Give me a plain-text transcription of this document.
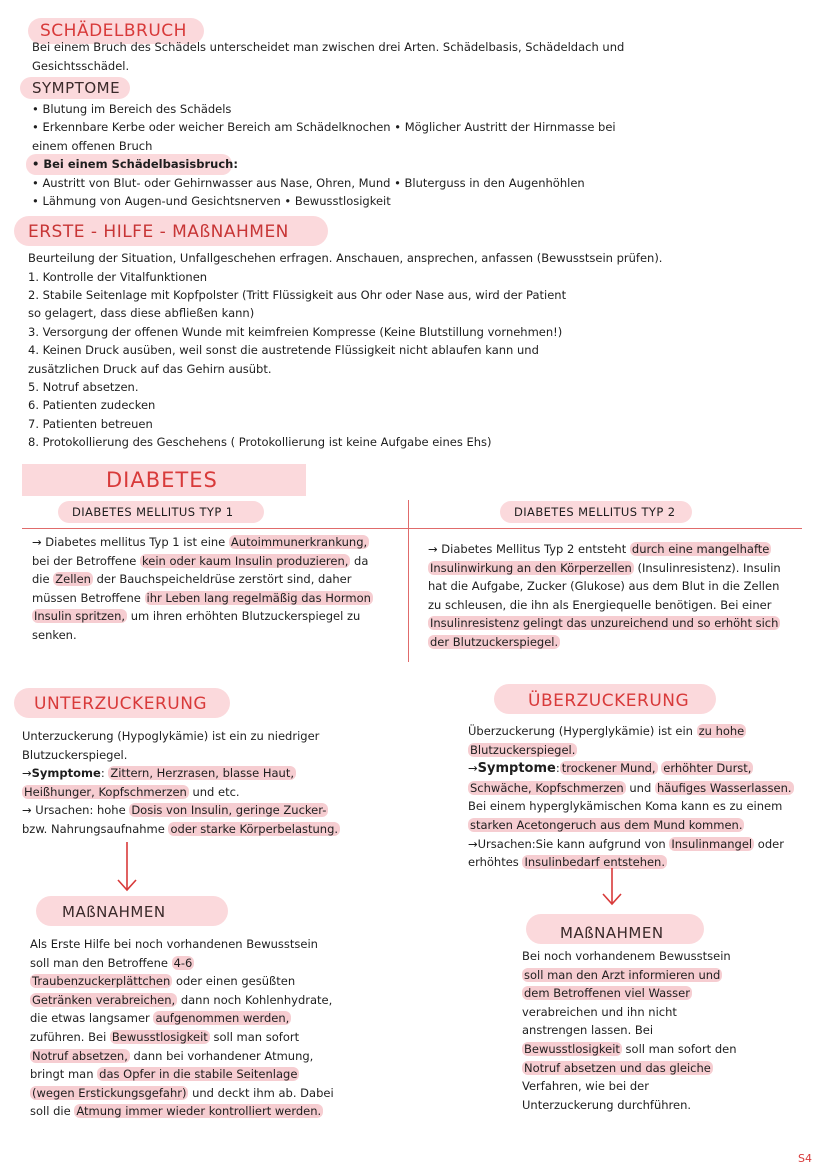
SCHÄDELBRUCH
Bei einem Bruch des Schädels unterscheidet man zwischen drei Arten. Schädelbasis, Schädeldach und
Gesichtsschädel.
SYMPTOME
• Blutung im Bereich des Schädels
• Erkennbare Kerbe oder weicher Bereich am Schädelknochen • Möglicher Austritt der Hirnmasse bei
einem offenen Bruch
• Bei einem Schädelbasisbruch:
• Austritt von Blut- oder Gehirnwasser aus Nase, Ohren, Mund • Bluterguss in den Augenhöhlen
• Lähmung von Augen-und Gesichtsnerven • Bewusstlosigkeit
ERSTE - HILFE - MAßNAHMEN
Beurteilung der Situation, Unfallgeschehen erfragen. Anschauen, ansprechen, anfassen (Bewusstsein prüfen).
1. Kontrolle der Vitalfunktionen
2. Stabile Seitenlage mit Kopfpolster (Tritt Flüssigkeit aus Ohr oder Nase aus, wird der Patient
so gelagert, dass diese abfließen kann)
3. Versorgung der offenen Wunde mit keimfreien Kompresse (Keine Blutstillung vornehmen!)
4. Keinen Druck ausüben, weil sonst die austretende Flüssigkeit nicht ablaufen kann und
zusätzlichen Druck auf das Gehirn ausübt.
5. Notruf absetzen.
6. Patienten zudecken
7. Patienten betreuen
8. Protokollierung des Geschehens ( Protokollierung ist keine Aufgabe eines Ehs)
DIABETES
DIABETES MELLITUS TYP 1	DIABETES MELLITUS TYP 2
→ Diabetes mellitus Typ 1 ist eine Autoimmunerkrankung,
bei der Betroffene kein oder kaum Insulin produzieren, da
die Zellen der Bauchspeicheldrüse zerstört sind, daher
müssen Betroffene ihr Leben lang regelmäßig das Hormon
Insulin spritzen, um ihren erhöhten Blutzuckerspiegel zu
senken.
→ Diabetes Mellitus Typ 2 entsteht durch eine mangelhafte
Insulinwirkung an den Körperzellen (Insulinresistenz). Insulin
hat die Aufgabe, Zucker (Glukose) aus dem Blut in die Zellen
zu schleusen, die ihn als Energiequelle benötigen. Bei einer
Insulinresistenz gelingt das unzureichend und so erhöht sich
der Blutzuckerspiegel.
UNTERZUCKERUNG
Unterzuckerung (Hypoglykämie) ist ein zu niedriger
Blutzuckerspiegel.
→Symptome: Zittern, Herzrasen, blasse Haut,
Heißhunger, Kopfschmerzen und etc.
→ Ursachen: hohe Dosis von Insulin, geringe Zucker-
bzw. Nahrungsaufnahme oder starke Körperbelastung.
MAßNAHMEN
Als Erste Hilfe bei noch vorhandenen Bewusstsein
soll man den Betroffene 4-6
Traubenzuckerplättchen oder einen gesüßten
Getränken verabreichen, dann noch Kohlenhydrate,
die etwas langsamer aufgenommen werden,
zuführen. Bei Bewusstlosigkeit soll man sofort
Notruf absetzen, dann bei vorhandener Atmung,
bringt man das Opfer in die stabile Seitenlage
(wegen Erstickungsgefahr) und deckt ihm ab. Dabei
soll die Atmung immer wieder kontrolliert werden.
ÜBERZUCKERUNG
Überzuckerung (Hyperglykämie) ist ein zu hohe
Blutzuckerspiegel.
→Symptome: trockener Mund, erhöhter Durst,
Schwäche, Kopfschmerzen und häufiges Wasserlassen.
Bei einem hyperglykämischen Koma kann es zu einem
starken Acetongeruch aus dem Mund kommen.
→Ursachen:Sie kann aufgrund von Insulinmangel oder
erhöhtes Insulinbedarf entstehen.
MAßNAHMEN
Bei noch vorhandenem Bewusstsein
soll man den Arzt informieren und
dem Betroffenen viel Wasser
verabreichen und ihn nicht
anstrengen lassen. Bei
Bewusstlosigkeit soll man sofort den
Notruf absetzen und das gleiche
Verfahren, wie bei der
Unterzuckerung durchführen.
S4
